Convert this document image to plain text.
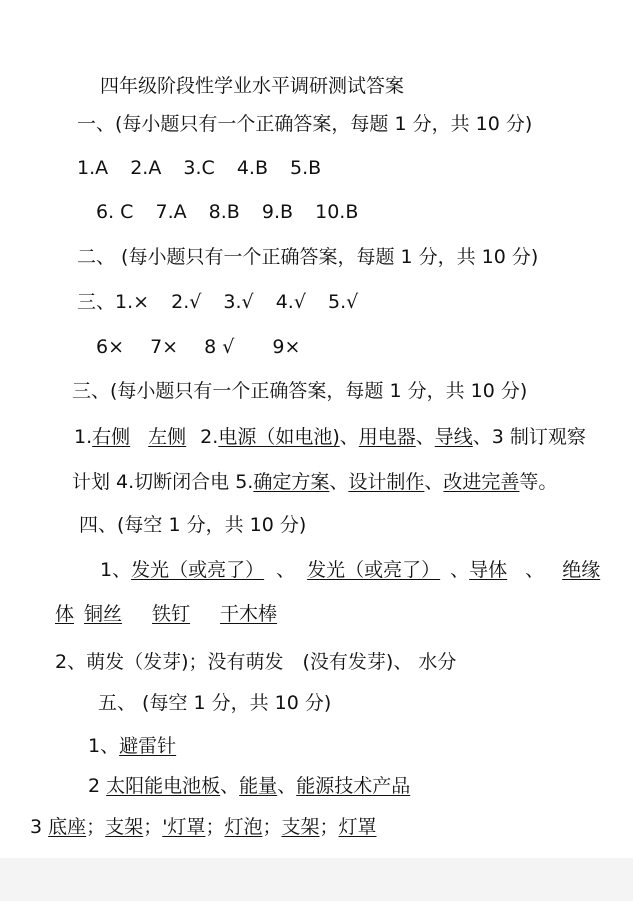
四年级阶段性学业水平调研测试答案
一、(每小题只有一个正确答案，每题 1 分，共 10 分)
1.A 2.A 3.C 4.B 5.B
6. C 7.A 8.B 9.B 10.B
二、 (每小题只有一个正确答案，每题 1 分，共 10 分)
三、1.× 2.√ 3.√ 4.√ 5.√
6× 7× 8 √ 9×
三、(每小题只有一个正确答案，每题 1 分，共 10 分)
1.右侧 左侧 2.电源（如电池)、用电器、导线、3 制订观察
计划 4.切断闭合电 5.确定方案、设计制作、改进完善等。
四、(每空 1 分，共 10 分)
1、发光（或亮了） 、 发光（或亮了） 、导体 、 绝缘
体 铜丝 铁钉 干木棒
2、萌发（发芽)；没有萌发　(没有发芽)、 水分
五、 (每空 1 分，共 10 分)
1、避雷针
2 太阳能电池板、能量、能源技术产品
3 底座；支架；'灯罩；灯泡；支架；灯罩
